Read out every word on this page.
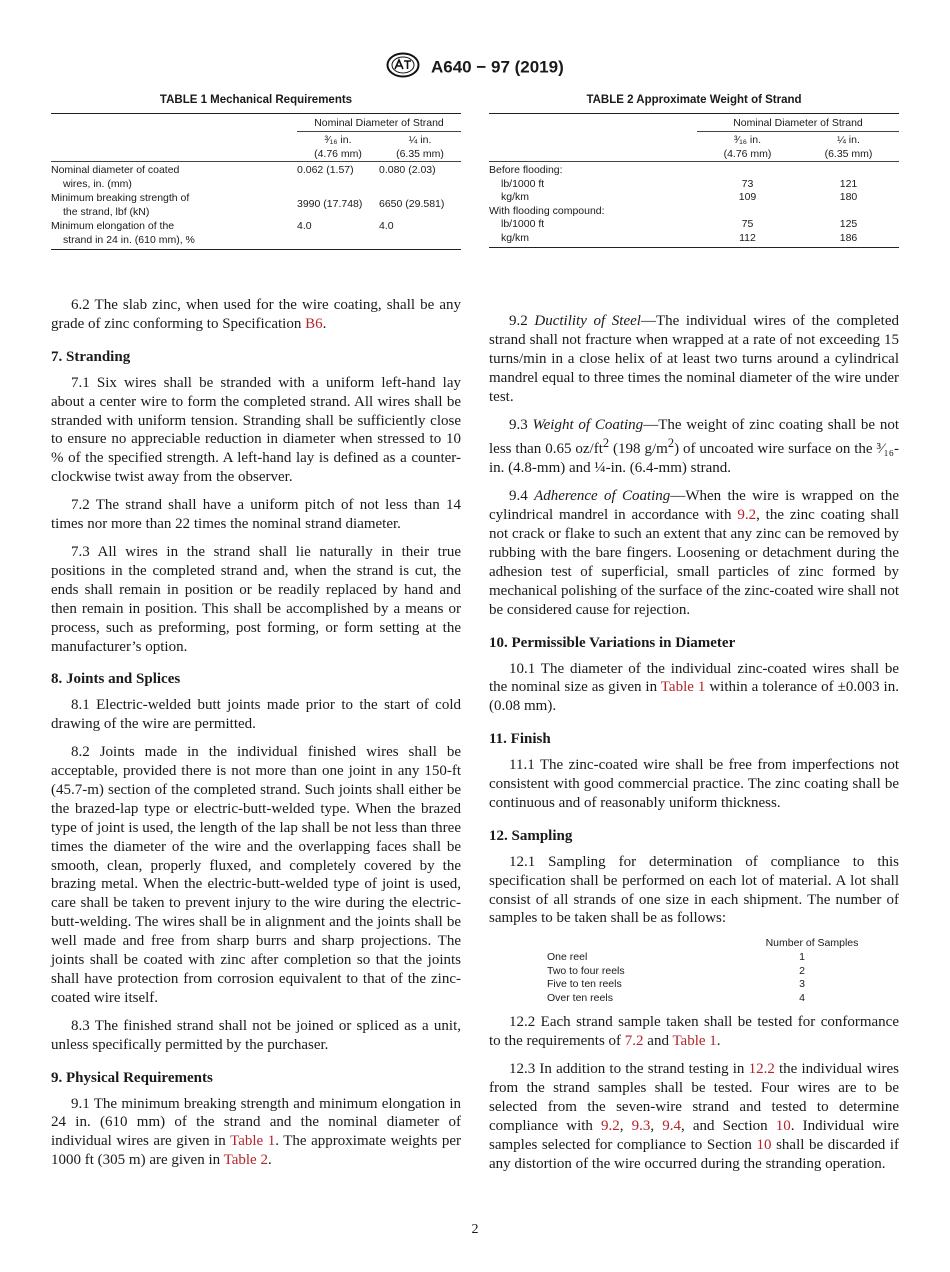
A640 − 97 (2019)
TABLE 1 Mechanical Requirements
	Nominal Diameter of Strand	
	³⁄₁₆ in.	¼ in.
	(4.76 mm)	(6.35 mm)

Nominal diameter of coated
wires, in. (mm)	0.062 (1.57)	0.080 (2.03)

Minimum breaking strength of
the strand, lbf (kN)	3990 (17.748)	6650 (29.581)

Minimum elongation of the
strand in 24 in. (610 mm), %	4.0	4.0
TABLE 2 Approximate Weight of Strand
	Nominal Diameter of Strand	
	³⁄₁₆ in.	¼ in.
	(4.76 mm)	(6.35 mm)
Before flooding:		
lb/1000 ft	73	121
kg/km	109	180
With flooding compound:		
lb/1000 ft	75	125
kg/km	112	186

6.2 The slab zinc, when used for the wire coating, shall be any grade of zinc conforming to Specification B6.

7. Stranding

7.1 Six wires shall be stranded with a uniform left-hand lay about a center wire to form the completed strand. All wires shall be stranded with uniform tension. Stranding shall be sufficiently close to ensure no appreciable reduction in diameter when stressed to 10 % of the specified strength. A left-hand lay is defined as a counter-clockwise twist away from the observer.

7.2 The strand shall have a uniform pitch of not less than 14 times nor more than 22 times the nominal strand diameter.

7.3 All wires in the strand shall lie naturally in their true positions in the completed strand and, when the strand is cut, the ends shall remain in position or be readily replaced by hand and then remain in position. This shall be accomplished by a means or process, such as preforming, post forming, or form setting at the manufacturer’s option.

8. Joints and Splices

8.1 Electric-welded butt joints made prior to the start of cold drawing of the wire are permitted.

8.2 Joints made in the individual finished wires shall be acceptable, provided there is not more than one joint in any 150-ft (45.7-m) section of the completed strand. Such joints shall either be the brazed-lap type or electric-butt-welded type. When the brazed type of joint is used, the length of the lap shall be not less than three times the diameter of the wire and the overlapping faces shall be smooth, clean, properly fluxed, and completely covered by the brazing metal. When the electric-butt-welded type of joint is used, care shall be taken to prevent injury to the wire during the electric-butt-welding. The wires shall be in alignment and the joints shall be well made and free from sharp burrs and sharp projections. The joints shall be coated with zinc after completion so that the joints shall have protection from corrosion equivalent to that of the zinc-coated wire itself.

8.3 The finished strand shall not be joined or spliced as a unit, unless specifically permitted by the purchaser.

9. Physical Requirements

9.1 The minimum breaking strength and minimum elongation in 24 in. (610 mm) of the strand and the nominal diameter of individual wires are given in Table 1. The approximate weights per 1000 ft (305 m) are given in Table 2.

9.2 Ductility of Steel—The individual wires of the completed strand shall not fracture when wrapped at a rate of not exceeding 15 turns/min in a close helix of at least two turns around a cylindrical mandrel equal to three times the nominal diameter of the wire under test.

9.3 Weight of Coating—The weight of zinc coating shall be not less than 0.65 $oz/ft^2$ (198 $g/m^2$) of uncoated wire surface on the ³⁄₁₆-in. (4.8-mm) and ¼-in. (6.4-mm) strand.

9.4 Adherence of Coating—When the wire is wrapped on the cylindrical mandrel in accordance with 9.2, the zinc coating shall not crack or flake to such an extent that any zinc can be removed by rubbing with the bare fingers. Loosening or detachment during the adhesion test of superficial, small particles of zinc formed by mechanical polishing of the surface of the zinc-coated wire shall not be considered cause for rejection.

10. Permissible Variations in Diameter

10.1 The diameter of the individual zinc-coated wires shall be the nominal size as given in Table 1 within a tolerance of ±0.003 in. (0.08 mm).

11. Finish

11.1 The zinc-coated wire shall be free from imperfections not consistent with good commercial practice. The zinc coating shall be continuous and of reasonably uniform thickness.

12. Sampling

12.1 Sampling for determination of compliance to this specification shall be performed on each lot of material. A lot shall consist of all strands of one size in each shipment. The number of samples to be taken shall be as follows:

Number of Samples
One reel	1
Two to four reels	2
Five to ten reels	3
Over ten reels	4

12.2 Each strand sample taken shall be tested for conformance to the requirements of 7.2 and Table 1.

12.3 In addition to the strand testing in 12.2 the individual wires from the strand samples shall be tested. Four wires are to be selected from the seven-wire strand and tested to determine compliance with 9.2, 9.3, 9.4, and Section 10. Individual wire samples selected for compliance to Section 10 shall be discarded if any distortion of the wire occurred during the stranding operation.

2
